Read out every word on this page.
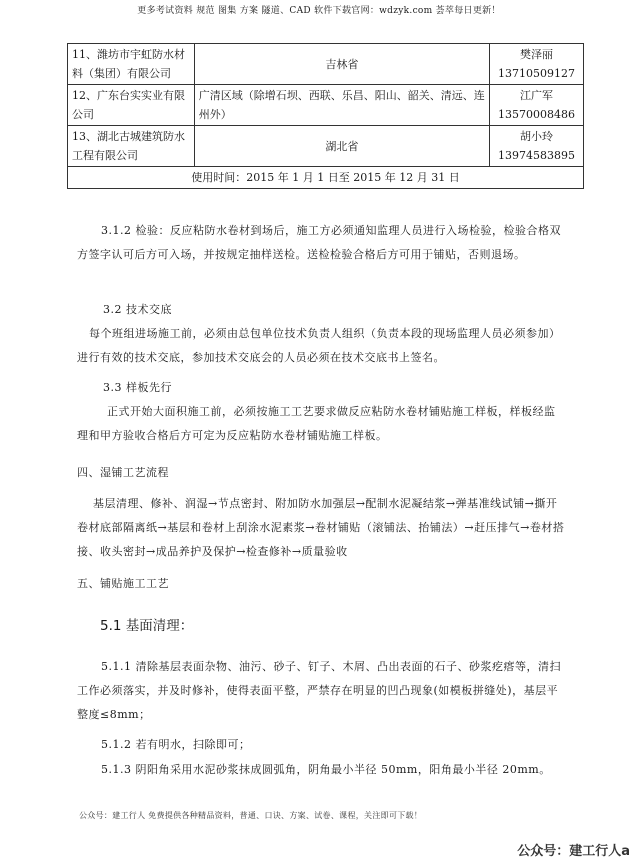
更多考试资料 规范 图集 方案 隧道、CAD 软件下载官网：wdzyk.com 荟萃每日更新！
11、潍坊市宇虹防水材料（集团）有限公司	吉林省	樊泽丽
13710509127

12、广东台实实业有限公司	广清区域（除增石坝、西联、乐昌、阳山、韶关、清远、连州外）	江广军
13570008486

13、湖北古城建筑防水工程有限公司	湖北省	胡小玲
13974583895

使用时间：2015 年 1 月 1 日至 2015 年 12 月 31 日		
3.1.2 检验：反应粘防水卷材到场后，施工方必须通知监理人员进行入场检验，检验合格双方签字认可后方可入场，并按规定抽样送检。送检检验合格后方可用于铺贴，否则退场。
3.2 技术交底
每个班组进场施工前，必须由总包单位技术负责人组织（负责本段的现场监理人员必须参加）进行有效的技术交底，参加技术交底会的人员必须在技术交底书上签名。
3.3 样板先行
正式开始大面积施工前，必须按施工工艺要求做反应粘防水卷材铺贴施工样板，样板经监理和甲方验收合格后方可定为反应粘防水卷材铺贴施工样板。
四、湿铺工艺流程
基层清理、修补、润湿→节点密封、附加防水加强层→配制水泥凝结浆→弹基准线试铺→撕开卷材底部隔离纸→基层和卷材上刮涂水泥素浆→卷材铺贴（滚铺法、抬铺法）→赶压排气→卷材搭接、收头密封→成品养护及保护→检查修补→质量验收
五、铺贴施工工艺
5.1 基面清理：
5.1.1 清除基层表面杂物、油污、砂子、钉子、木屑、凸出表面的石子、砂浆疙瘩等，清扫工作必须落实，并及时修补，使得表面平整，严禁存在明显的凹凸现象(如模板拼缝处)，基层平整度≤8mm；
5.1.2 若有明水，扫除即可；
5.1.3 阴阳角采用水泥砂浆抹成圆弧角，阴角最小半径 50mm，阳角最小半径 20mm。
公众号：建工行人 免费提供各种精品资料，普通、口诀、方案、试卷、课程，关注即可下载！
公众号：建工行人a
